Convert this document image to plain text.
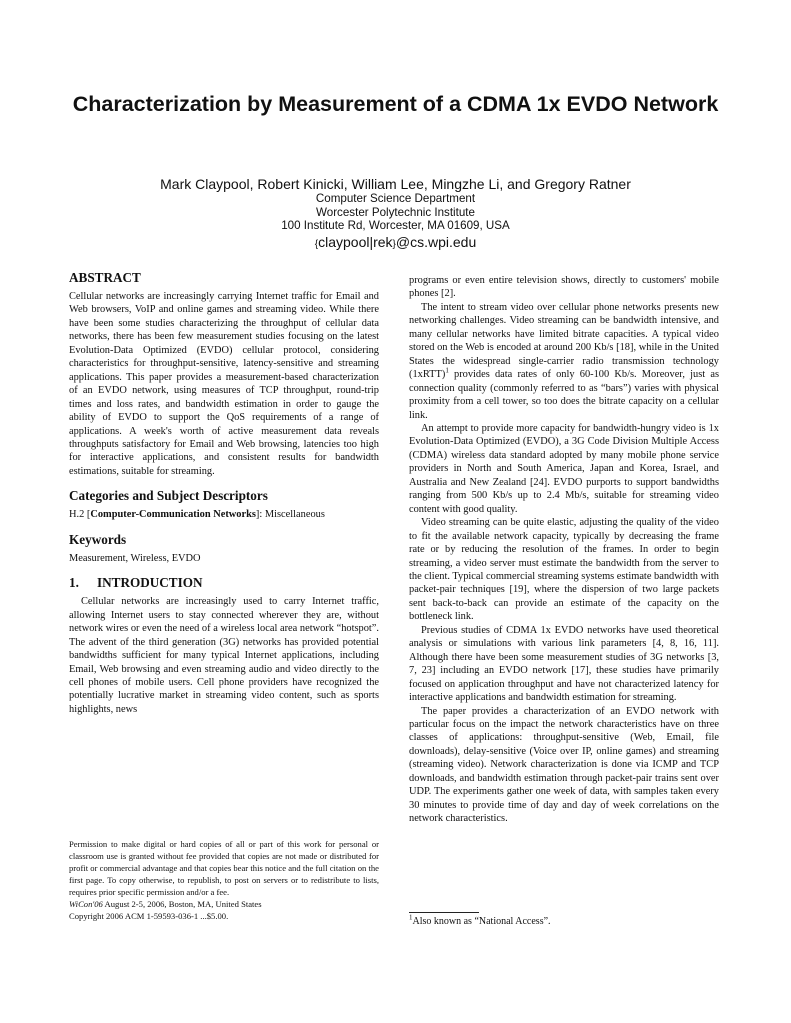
Characterization by Measurement of a CDMA 1x EVDO Network
Mark Claypool, Robert Kinicki, William Lee, Mingzhe Li, and Gregory Ratner
Computer Science Department
Worcester Polytechnic Institute
100 Institute Rd, Worcester, MA 01609, USA
{claypool|rek}@cs.wpi.edu
ABSTRACT

Cellular networks are increasingly carrying Internet traffic for Email and Web browsers, VoIP and online games and streaming video. While there have been some studies characterizing the throughput of cellular data networks, there has been few measurement studies focusing on the latest Evolution-Data Optimized (EVDO) cellular protocol, considering characteristics for throughput-sensitive, latency-sensitive and streaming applications. This paper provides a measurement-based characterization of an EVDO network, using measures of TCP throughput, round-trip times and loss rates, and bandwidth estimation in order to gauge the ability of EVDO to support the QoS requirements of a range of applications. A week's worth of active measurement data reveals throughputs satisfactory for Email and Web browsing, latencies too high for interactive applications, and consistent results for bandwidth estimations, suitable for streaming.

Categories and Subject Descriptors

H.2 [Computer-Communication Networks]: Miscellaneous

Keywords

Measurement, Wireless, EVDO

1. INTRODUCTION

Cellular networks are increasingly used to carry Internet traffic, allowing Internet users to stay connected wherever they are, without network wires or even the need of a wireless local area network “hotspot”. The advent of the third generation (3G) networks has provided potential bandwidths sufficient for many typical Internet applications, including Email, Web browsing and even streaming audio and video directly to the cell phones of mobile users. Cell phone providers have recognized the potentially lucrative market in streaming video content, such as sports highlights, news

programs or even entire television shows, directly to customers' mobile phones [2].

The intent to stream video over cellular phone networks presents new networking challenges. Video streaming can be bandwidth intensive, and many cellular networks have limited bitrate capacities. A typical video stored on the Web is encoded at around 200 Kb/s [18], while in the United States the widespread single-carrier radio transmission technology (1xRTT)$^1$ provides data rates of only 60-100 Kb/s. Moreover, just as connection quality (commonly referred to as “bars”) varies with physical proximity from a cell tower, so too does the bitrate capacity on a cellular link.

An attempt to provide more capacity for bandwidth-hungry video is 1x Evolution-Data Optimized (EVDO), a 3G Code Division Multiple Access (CDMA) wireless data standard adopted by many mobile phone service providers in North and South America, Japan and Korea, Israel, and Australia and New Zealand [24]. EVDO purports to support bandwidths ranging from 500 Kb/s up to 2.4 Mb/s, suitable for streaming video content with good quality.

Video streaming can be quite elastic, adjusting the quality of the video to fit the available network capacity, typically by decreasing the frame rate or by reducing the resolution of the frames. In order to begin streaming, a video server must estimate the bandwidth from the server to the client. Typical commercial streaming systems estimate bandwidth with packet-pair techniques [19], where the dispersion of two large packets sent back-to-back can provide an estimate of the capacity on the bottleneck link.

Previous studies of CDMA 1x EVDO networks have used theoretical analysis or simulations with various link parameters [4, 8, 16, 11]. Although there have been some measurement studies of 3G networks [3, 7, 23] including an EVDO network [17], these studies have primarily focused on application throughput and have not characterized latency for interactive applications and bandwidth estimation for streaming.

The paper provides a characterization of an EVDO network with particular focus on the impact the network characteristics have on three classes of applications: throughput-sensitive (Web, Email, file downloads), delay-sensitive (Voice over IP, online games) and streaming (streaming video). Network characterization is done via ICMP and TCP downloads, and bandwidth estimation through packet-pair trains sent over UDP. The experiments gather one week of data, with samples taken every 30 minutes to provide time of day and day of week correlations on the network characteristics.

Permission to make digital or hard copies of all or part of this work for personal or classroom use is granted without fee provided that copies are not made or distributed for profit or commercial advantage and that copies bear this notice and the full citation on the first page. To copy otherwise, to republish, to post on servers or to redistribute to lists, requires prior specific permission and/or a fee.

WiCon'06 August 2-5, 2006, Boston, MA, United States

Copyright 2006 ACM 1-59593-036-1 ...$5.00.	$^1$Also known as “National Access”.
